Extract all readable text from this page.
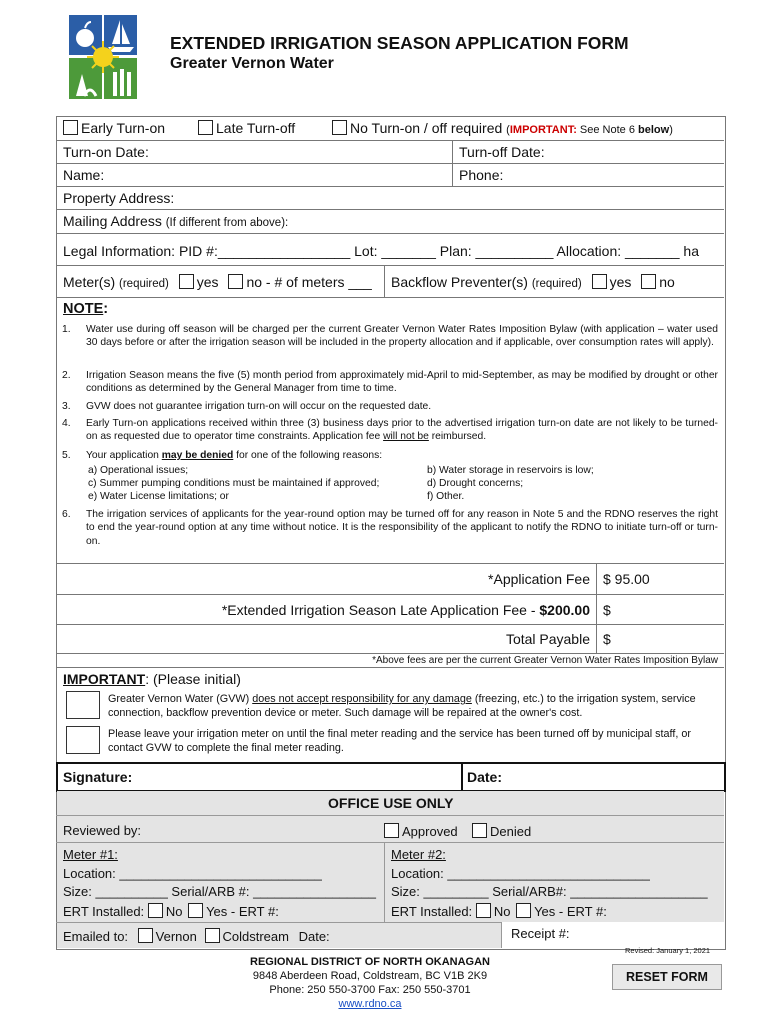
EXTENDED IRRIGATION SEASON APPLICATION FORM
Greater Vernon Water
Early Turn-on	Late Turn-off	No Turn-on / off required (IMPORTANT: See Note 6 below)
Turn-on Date:	Turn-off Date:
Name:	Phone:
Property Address:
Mailing Address (If different from above):
Legal Information: PID #:_________________ Lot: _______ Plan: __________ Allocation: _______ ha
Meter(s) (required) yes no - # of meters ___ Backflow Preventer(s) (required) yes no
NOTE:
1. Water use during off season will be charged per the current Greater Vernon Water Rates Imposition Bylaw (with application – water used 30 days before or after the irrigation season will be included in the property allocation and if applicable, over consumption rates will apply).
2. Irrigation Season means the five (5) month period from approximately mid-April to mid-September, as may be modified by drought or other conditions as determined by the General Manager from time to time.
3. GVW does not guarantee irrigation turn-on will occur on the requested date.
4. Early Turn-on applications received within three (3) business days prior to the advertised irrigation turn-on date are not likely to be turned-on as requested due to operator time constraints. Application fee will not be reimbursed.
5. Your application may be denied for one of the following reasons:
a) Operational issues;
c) Summer pumping conditions must be maintained if approved;
e) Water License limitations; or
b) Water storage in reservoirs is low;
d) Drought concerns;
f) Other.
6. The irrigation services of applicants for the year-round option may be turned off for any reason in Note 5 and the RDNO reserves the right to end the year-round option at any time without notice. It is the responsibility of the applicant to notify the RDNO to initiate turn-off or turn-on.
*Application Fee $ 95.00
*Extended Irrigation Season Late Application Fee - $200.00 $
Total Payable $
*Above fees are per the current Greater Vernon Water Rates Imposition Bylaw
IMPORTANT: (Please initial)
Greater Vernon Water (GVW) does not accept responsibility for any damage (freezing, etc.) to the irrigation system, service connection, backflow prevention device or meter. Such damage will be repaired at the owner's cost.
Please leave your irrigation meter on until the final meter reading and the service has been turned off by municipal staff, or contact GVW to complete the final meter reading.
Signature:	Date:
OFFICE USE ONLY
Reviewed by:	Approved	Denied
Meter #1:
Location: ____________________________
Size: __________ Serial/ARB #: _________________
ERT Installed: No Yes - ERT #:
Meter #2:
Location: ____________________________
Size: _________ Serial/ARB#: ___________________
ERT Installed: No Yes - ERT #:
Emailed to: Vernon Coldstream Date:	Receipt #:
Revised: January 1, 2021
REGIONAL DISTRICT OF NORTH OKANAGAN
9848 Aberdeen Road, Coldstream, BC V1B 2K9
Phone: 250 550-3700 Fax: 250 550-3701
www.rdno.ca
RESET FORM
